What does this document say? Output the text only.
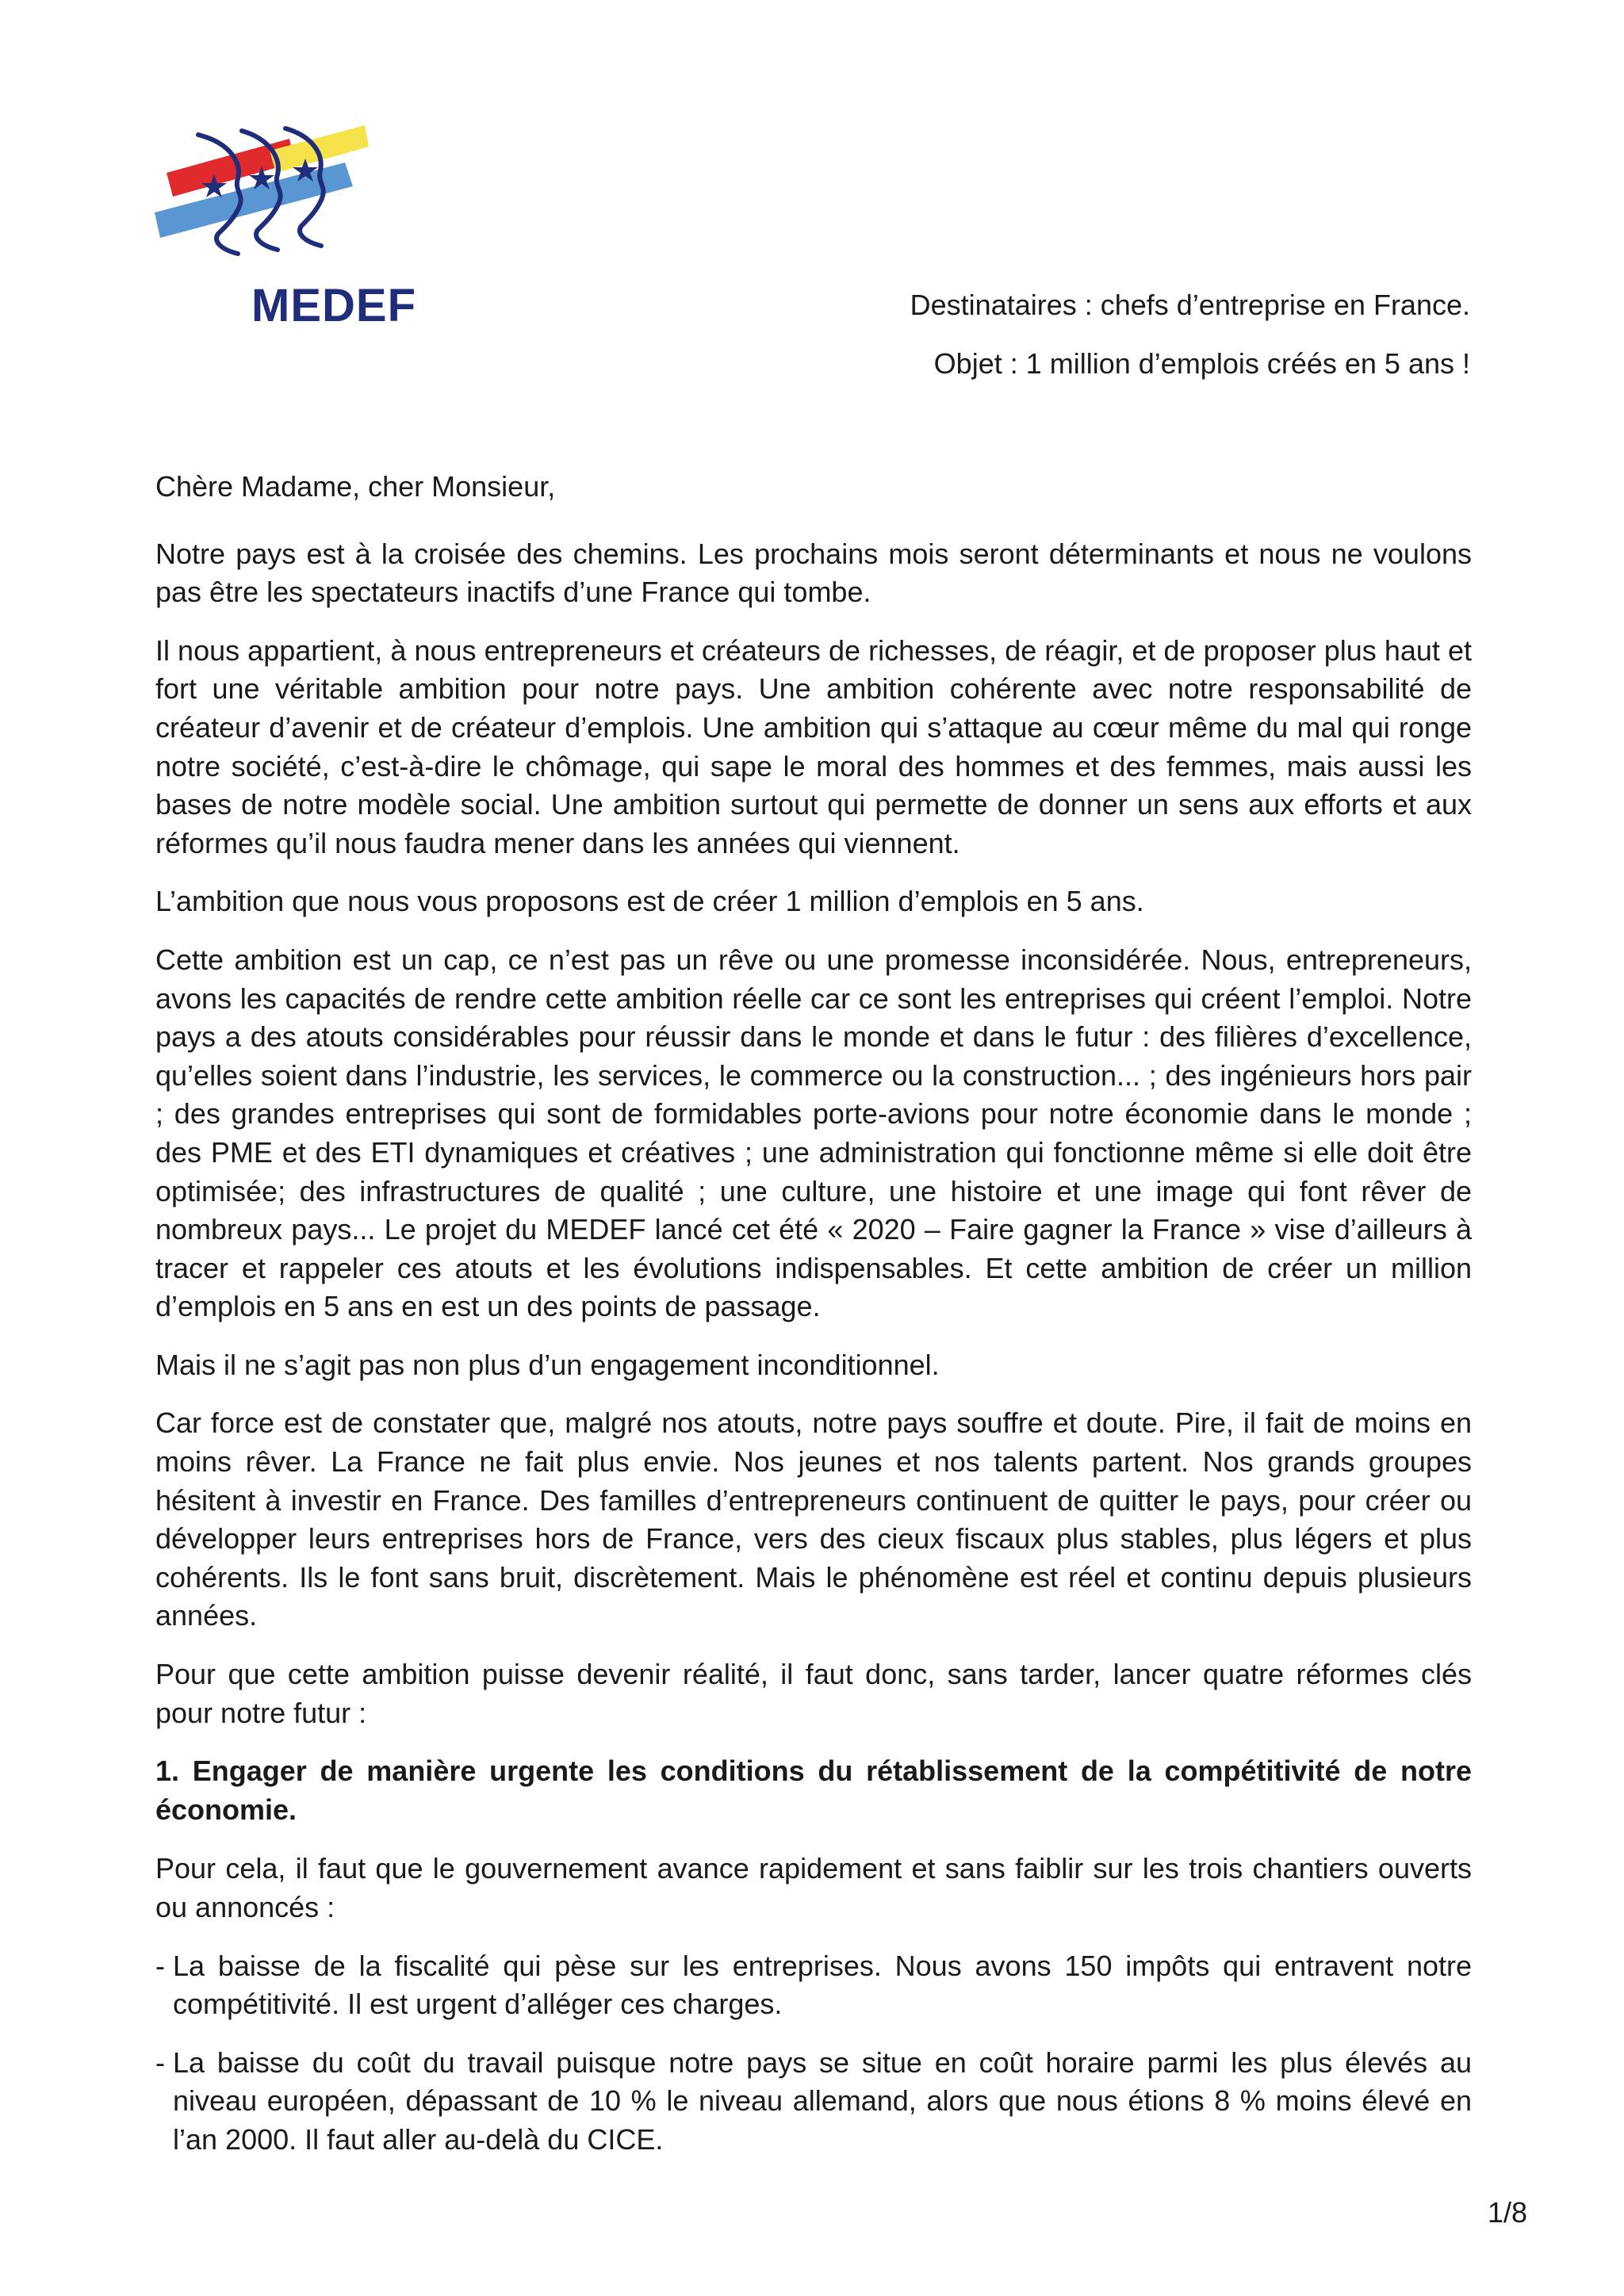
MEDEF	Destinataires : chefs d’entreprise en France.

Objet : 1 million d’emplois créés en 5 ans !

Chère Madame, cher Monsieur,

Notre pays est à la croisée des chemins. Les prochains mois seront déterminants et nous ne voulons pas être les spectateurs inactifs d’une France qui tombe.

Il nous appartient, à nous entrepreneurs et créateurs de richesses, de réagir, et de proposer plus haut et fort une véritable ambition pour notre pays. Une ambition cohérente avec notre responsabilité de créateur d’avenir et de créateur d’emplois. Une ambition qui s’attaque au cœur même du mal qui ronge notre société, c’est-à-dire le chômage, qui sape le moral des hommes et des femmes, mais aussi les bases de notre modèle social. Une ambition surtout qui permette de donner un sens aux efforts et aux réformes qu’il nous faudra mener dans les années qui viennent.

L’ambition que nous vous proposons est de créer 1 million d’emplois en 5 ans.

Cette ambition est un cap, ce n’est pas un rêve ou une promesse inconsidérée. Nous, entrepreneurs, avons les capacités de rendre cette ambition réelle car ce sont les entreprises qui créent l’emploi. Notre pays a des atouts considérables pour réussir dans le monde et dans le futur : des filières d’excellence, qu’elles soient dans l’industrie, les services, le commerce ou la construction... ; des ingénieurs hors pair ; des grandes entreprises qui sont de formidables porte-avions pour notre économie dans le monde ; des PME et des ETI dynamiques et créatives ; une administration qui fonctionne même si elle doit être optimisée; des infrastructures de qualité ; une culture, une histoire et une image qui font rêver de nombreux pays... Le projet du MEDEF lancé cet été « 2020 – Faire gagner la France » vise d’ailleurs à tracer et rappeler ces atouts et les évolutions indispensables. Et cette ambition de créer un million d’emplois en 5 ans en est un des points de passage.

Mais il ne s’agit pas non plus d’un engagement inconditionnel.

Car force est de constater que, malgré nos atouts, notre pays souffre et doute. Pire, il fait de moins en moins rêver. La France ne fait plus envie. Nos jeunes et nos talents partent. Nos grands groupes hésitent à investir en France. Des familles d’entrepreneurs continuent de quitter le pays, pour créer ou développer leurs entreprises hors de France, vers des cieux fiscaux plus stables, plus légers et plus cohérents. Ils le font sans bruit, discrètement. Mais le phénomène est réel et continu depuis plusieurs années.

Pour que cette ambition puisse devenir réalité, il faut donc, sans tarder, lancer quatre réformes clés pour notre futur :

1. Engager de manière urgente les conditions du rétablissement de la compétitivité de notre économie.

Pour cela, il faut que le gouvernement avance rapidement et sans faiblir sur les trois chantiers ouverts ou annoncés :

- La baisse de la fiscalité qui pèse sur les entreprises. Nous avons 150 impôts qui entravent notre compétitivité. Il est urgent d’alléger ces charges.
- La baisse du coût du travail puisque notre pays se situe en coût horaire parmi les plus élevés au niveau européen, dépassant de 10 % le niveau allemand, alors que nous étions 8 % moins élevé en l’an 2000. Il faut aller au-delà du CICE.
1/8
